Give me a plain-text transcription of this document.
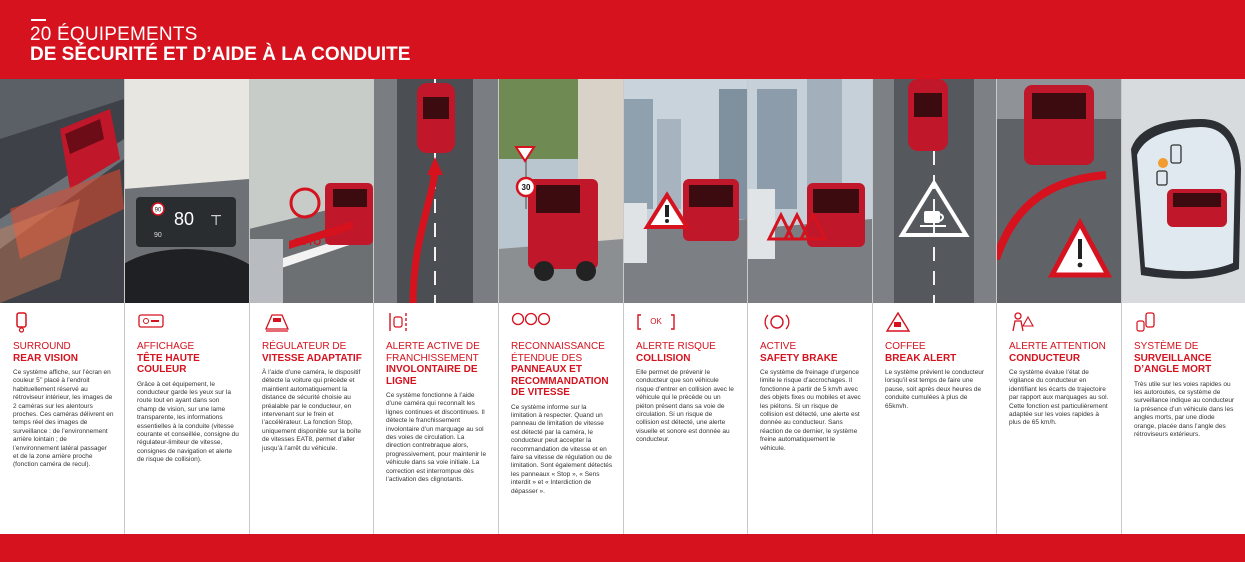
20 ÉQUIPEMENTS
DE SÉCURITÉ ET D’AIDE À LA CONDUITE
SURROUND
REAR VISION
Ce système affiche, sur l’écran en couleur 5’’ placé à l’endroit habituellement réservé au rétroviseur intérieur, les images de 2 caméras sur les alentours proches. Ces caméras délivrent en temps réel des images de surveillance : de l’environnement arrière lointain ; de l’environnement latéral passager et de la zone arrière proche (fonction caméra de recul).
90 80 ⊤
90
AFFICHAGE
TÊTE HAUTE COULEUR
Grâce à cet équipement, le conducteur garde les yeux sur la route tout en ayant dans son champ de vision, sur une lame transparente, les informations essentielles à la conduite (vitesse courante et conseillée, consigne du régulateur-limiteur de vitesse, consignes de navigation et alerte de risque de collision).
AUTO
RÉGULATEUR DE
VITESSE ADAPTATIF
À l’aide d’une caméra, le dispositif détecte la voiture qui précède et maintient automatiquement la distance de sécurité choisie au préalable par le conducteur, en intervenant sur le frein et l’accélérateur. La fonction Stop, uniquement disponible sur la boîte de vitesses EAT8, permet d’aller jusqu’à l’arrêt du véhicule.
ALERTE ACTIVE DE FRANCHISSEMENT
INVOLONTAIRE DE LIGNE
Ce système fonctionne à l’aide d’une caméra qui reconnaît les lignes continues et discontinues. Il détecte le franchissement involontaire d’un marquage au sol des voies de circulation. La direction contrebraque alors, progressivement, pour maintenir le véhicule dans sa voie initiale. La correction est interrompue dès l’activation des clignotants.
30
RECONNAISSANCE ÉTENDUE DES
PANNEAUX ET RECOMMANDATION DE VITESSE
Ce système informe sur la limitation à respecter. Quand un panneau de limitation de vitesse est détecté par la caméra, le conducteur peut accepter la recommandation de vitesse et en faire sa vitesse de régulation ou de limitation. Sont également détectés les panneaux « Stop », « Sens interdit » et « Interdiction de dépasser ».
OK
ALERTE RISQUE
COLLISION
Elle permet de prévenir le conducteur que son véhicule risque d’entrer en collision avec le véhicule qui le précède ou un piéton présent dans sa voie de circulation. Si un risque de collision est détecté, une alerte visuelle et sonore est donnée au conducteur.
ACTIVE
SAFETY BRAKE
Ce système de freinage d’urgence limite le risque d’accrochages. Il fonctionne à partir de 5 km/h avec des objets fixes ou mobiles et avec les piétons. Si un risque de collision est détecté, une alerte est donnée au conducteur. Sans réaction de ce dernier, le système freine automatiquement le véhicule.
COFFEE
BREAK ALERT
Le système prévient le conducteur lorsqu’il est temps de faire une pause, soit après deux heures de conduite cumulées à plus de 65km/h.
ALERTE ATTENTION
CONDUCTEUR
Ce système évalue l’état de vigilance du conducteur en identifiant les écarts de trajectoire par rapport aux marquages au sol. Cette fonction est particulièrement adaptée sur les voies rapides à plus de 65 km/h.
SYSTÈME DE
SURVEILLANCE D’ANGLE MORT
Très utile sur les voies rapides ou les autoroutes, ce système de surveillance indique au conducteur la présence d’un véhicule dans les angles morts, par une diode orange, placée dans l’angle des rétroviseurs extérieurs.
